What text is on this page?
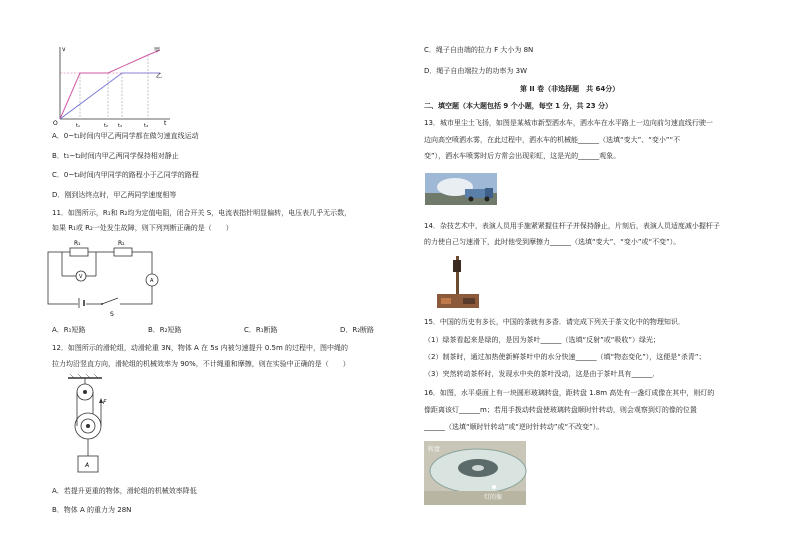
v
t
O
甲
乙
t₁	t₂ t₃	t₄
A．0~t₁时间内甲乙两同学都在做匀速直线运动
B．t₁~t₂时间内甲乙两同学保持相对静止
C．0~t₃时间内甲同学的路程小于乙同学的路程
D．刚到达终点时，甲乙两同学速度相等
11．如图所示，R₁和 R₂均为定值电阻，闭合开关 S，电流表指针明显偏转，电压表几乎无示数，
如果 R₁或 R₂一处发生故障，则下列判断正确的是（　　）
R₁	R₂
V
A
S
A．R₁短路	B．R₂短路	C．R₁断路	D．R₂断路
12．如图所示的滑轮组，动滑轮重 3N，物体 A 在 5s 内被匀速提升 0.5m 的过程中，图中绳的
拉力均沿竖直方向，滑轮组的机械效率为 90%，不计绳重和摩擦，则在实验中正确的是（　　）
F
A
A．若提升更重的物体，滑轮组的机械效率降低
B．物体 A 的重力为 28N
C．绳子自由端的拉力 F 大小为 8N
D．绳子自由端拉力的功率为 3W
第 II 卷（非选择题　共 64分）
二、填空题（本大题包括 9 个小题，每空 1 分，共 23 分）
13．城市里尘土飞扬，如图是某城市新型洒水车，洒水车在水平路上一边向前匀速直线行驶一
边向高空喷洒水雾，在此过程中，洒水车的机械能______（选填“变大”、“变小”“不
变”），洒水车喷雾时后方常会出现彩虹，这是光的______观象。
14．杂技艺术中，表演人员用手施紧紧握住杆子并保持静止，片刻后，表演人员适度减小握杆子
的力使自己匀速滑下，此时他受到摩擦力______（选填“变大”、“变小”或“不变”）。
15．中国的历史有多长，中国的茶就有多香．请完成下列关于茶文化中的物理知识．
（1）绿茶看起来是绿的，是因为茶叶______（选填“反射”或“吸收”）绿光；
（2）制茶时，通过加热使新鲜茶叶中的水分快速______（填“物态变化”），这便是“杀青”；
（3）突然转动茶杯时，发现水中央的茶叶没动，这是由于茶叶具有______．
16．如图，水平桌面上有一块圆形玻璃转盘，距转盘 1.8m 高处有一盏灯成像在其中，则灯的
像距离该灯______m；若用手拨动转盘使玻璃转盘顺时针转动，则会观察到灯的像的位置
______（选填“顺时针转动”或“逆时针转动”或“不改变”）。
转盘
灯的像
